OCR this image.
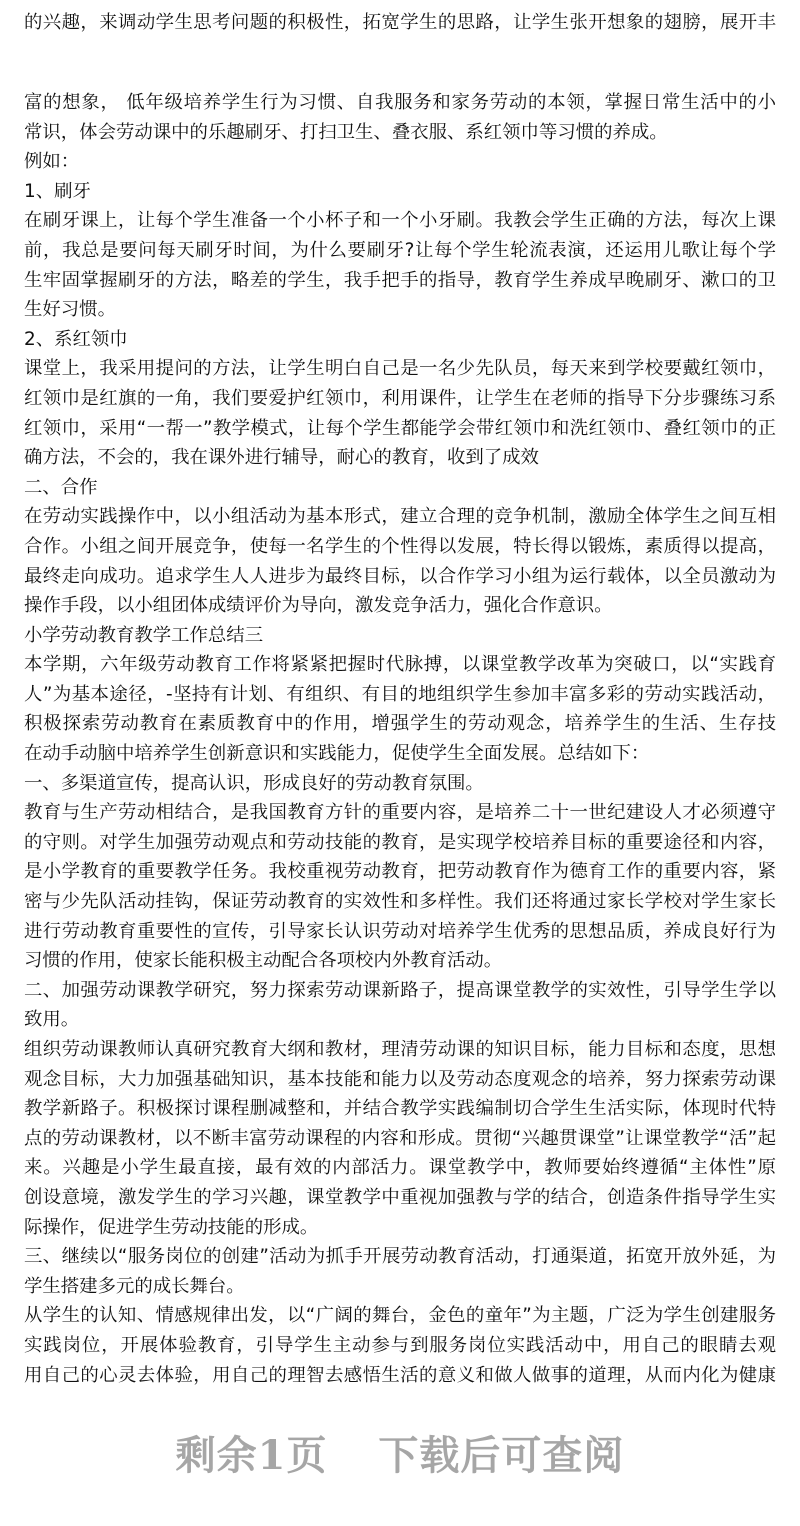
的兴趣，来调动学生思考问题的积极性，拓宽学生的思路，让学生张开想象的翅膀，展开丰
富的想象， 低年级培养学生行为习惯、自我服务和家务劳动的本领，掌握日常生活中的小
常识，体会劳动课中的乐趣刷牙、打扫卫生、叠衣服、系红领巾等习惯的养成。
例如：
1、刷牙
在刷牙课上，让每个学生准备一个小杯子和一个小牙刷。我教会学生正确的方法，每次上课
前，我总是要问每天刷牙时间，为什么要刷牙?让每个学生轮流表演，还运用儿歌让每个学
生牢固掌握刷牙的方法，略差的学生，我手把手的指导，教育学生养成早晚刷牙、漱口的卫
生好习惯。
2、系红领巾
课堂上，我采用提问的方法，让学生明白自己是一名少先队员，每天来到学校要戴红领巾，
红领巾是红旗的一角，我们要爱护红领巾，利用课件，让学生在老师的指导下分步骤练习系
红领巾，采用“一帮一”教学模式，让每个学生都能学会带红领巾和洗红领巾、叠红领巾的正
确方法，不会的，我在课外进行辅导，耐心的教育，收到了成效
二、合作
在劳动实践操作中，以小组活动为基本形式，建立合理的竞争机制，激励全体学生之间互相
合作。小组之间开展竞争，使每一名学生的个性得以发展，特长得以锻炼，素质得以提高，
最终走向成功。追求学生人人进步为最终目标，以合作学习小组为运行载体，以全员激动为
操作手段，以小组团体成绩评价为导向，激发竞争活力，强化合作意识。
小学劳动教育教学工作总结三
本学期，六年级劳动教育工作将紧紧把握时代脉搏，以课堂教学改革为突破口，以“实践育
人”为基本途径，-坚持有计划、有组织、有目的地组织学生参加丰富多彩的劳动实践活动，
积极探索劳动教育在素质教育中的作用，增强学生的劳动观念，培养学生的生活、生存技
在动手动脑中培养学生创新意识和实践能力，促使学生全面发展。总结如下：
一、多渠道宣传，提高认识，形成良好的劳动教育氛围。
教育与生产劳动相结合，是我国教育方针的重要内容，是培养二十一世纪建设人才必须遵守
的守则。对学生加强劳动观点和劳动技能的教育，是实现学校培养目标的重要途径和内容，
是小学教育的重要教学任务。我校重视劳动教育，把劳动教育作为德育工作的重要内容，紧
密与少先队活动挂钩，保证劳动教育的实效性和多样性。我们还将通过家长学校对学生家长
进行劳动教育重要性的宣传，引导家长认识劳动对培养学生优秀的思想品质，养成良好行为
习惯的作用，使家长能积极主动配合各项校内外教育活动。
二、加强劳动课教学研究，努力探索劳动课新路子，提高课堂教学的实效性，引导学生学以
致用。
组织劳动课教师认真研究教育大纲和教材，理清劳动课的知识目标，能力目标和态度，思想
观念目标，大力加强基础知识，基本技能和能力以及劳动态度观念的培养，努力探索劳动课
教学新路子。积极探讨课程删减整和，并结合教学实践编制切合学生生活实际，体现时代特
点的劳动课教材，以不断丰富劳动课程的内容和形成。贯彻“兴趣贯课堂”让课堂教学“活”起
来。兴趣是小学生最直接，最有效的内部活力。课堂教学中，教师要始终遵循“主体性”原
创设意境，激发学生的学习兴趣，课堂教学中重视加强教与学的结合，创造条件指导学生实
际操作，促进学生劳动技能的形成。
三、继续以“服务岗位的创建”活动为抓手开展劳动教育活动，打通渠道，拓宽开放外延，为
学生搭建多元的成长舞台。
从学生的认知、情感规律出发，以“广阔的舞台，金色的童年”为主题，广泛为学生创建服务
实践岗位，开展体验教育，引导学生主动参与到服务岗位实践活动中，用自己的眼睛去观
用自己的心灵去体验，用自己的理智去感悟生活的意义和做人做事的道理，从而内化为健康
剩余1页 下载后可查阅
